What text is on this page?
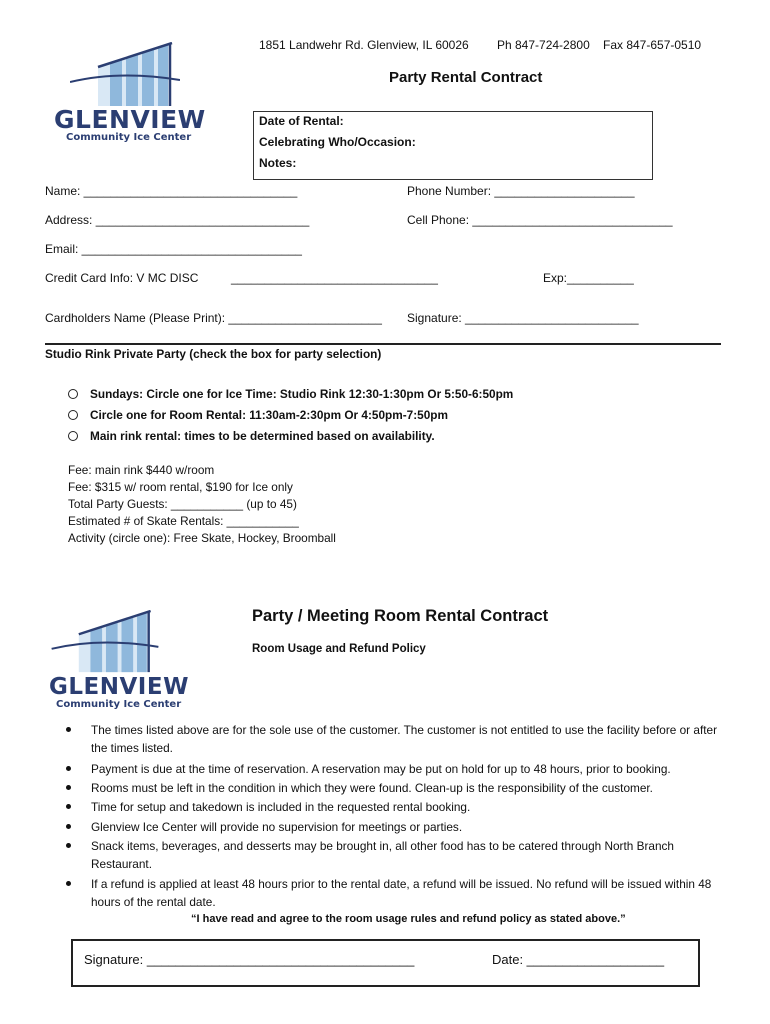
1851 Landwehr Rd. Glenview, IL 60026 Ph 847-724-2800 Fax 847-657-0510
Party Rental Contract
GLENVIEW
Community Ice Center
Date of Rental:
Celebrating Who/Occasion:
Notes:
Name: ________________________________	Phone Number: _____________________
Address: ________________________________	Cell Phone: ______________________________
Email: _________________________________
Credit Card Info: V MC DISC	_______________________________	Exp:__________
Cardholders Name (Please Print): _______________________ Signature: __________________________
Studio Rink Private Party (check the box for party selection)
Sundays: Circle one for Ice Time: Studio Rink 12:30-1:30pm Or 5:50-6:50pm
Circle one for Room Rental: 11:30am-2:30pm Or 4:50pm-7:50pm
Main rink rental: times to be determined based on availability.
Fee: main rink $440 w/room
Fee: $315 w/ room rental, $190 for Ice only
Total Party Guests: ___________ (up to 45)
Estimated # of Skate Rentals: ___________
Activity (circle one): Free Skate, Hockey, Broomball
GLENVIEW
Community Ice Center
Party / Meeting Room Rental Contract
Room Usage and Refund Policy
The times listed above are for the sole use of the customer. The customer is not entitled to use the facility before or after the times listed.
Payment is due at the time of reservation. A reservation may be put on hold for up to 48 hours, prior to booking.
Rooms must be left in the condition in which they were found. Clean-up is the responsibility of the customer.
Time for setup and takedown is included in the requested rental booking.
Glenview Ice Center will provide no supervision for meetings or parties.
Snack items, beverages, and desserts may be brought in, all other food has to be catered through North Branch Restaurant.
If a refund is applied at least 48 hours prior to the rental date, a refund will be issued. No refund will be issued within 48 hours of the rental date.
“I have read and agree to the room usage rules and refund policy as stated above.”
Signature: _____________________________________	Date: ___________________
